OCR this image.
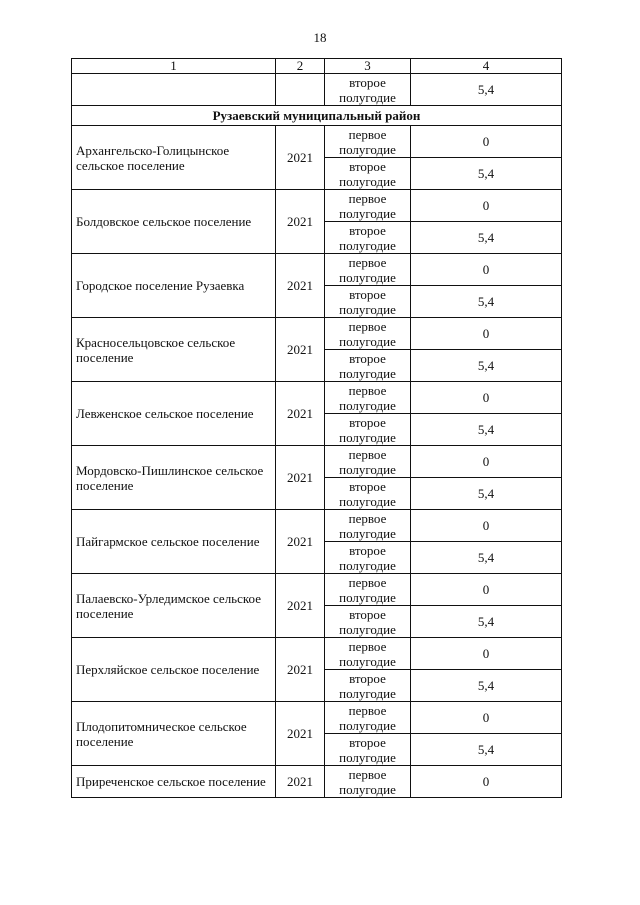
18
1	2	3	4
		второе полугодие	5,4
Рузаевский муниципальный район			
Архангельско-Голицынское сельское поселение	2021	первое полугодие	0
		второе полугодие	5,4
Болдовское сельское поселение	2021	первое полугодие	0
		второе полугодие	5,4
Городское поселение Рузаевка	2021	первое полугодие	0
		второе полугодие	5,4
Красносельцовское сельское поселение	2021	первое полугодие	0
		второе полугодие	5,4
Левженское сельское поселение	2021	первое полугодие	0
		второе полугодие	5,4
Мордовско-Пишлинское сельское поселение	2021	первое полугодие	0
		второе полугодие	5,4
Пайгармское сельское поселение	2021	первое полугодие	0
		второе полугодие	5,4
Палаевско-Урледимское сельское поселение	2021	первое полугодие	0
		второе полугодие	5,4
Перхляйское сельское поселение	2021	первое полугодие	0
		второе полугодие	5,4
Плодопитомническое сельское поселение	2021	первое полугодие	0
		второе полугодие	5,4
Приреченское сельское поселение	2021	первое полугодие	0
